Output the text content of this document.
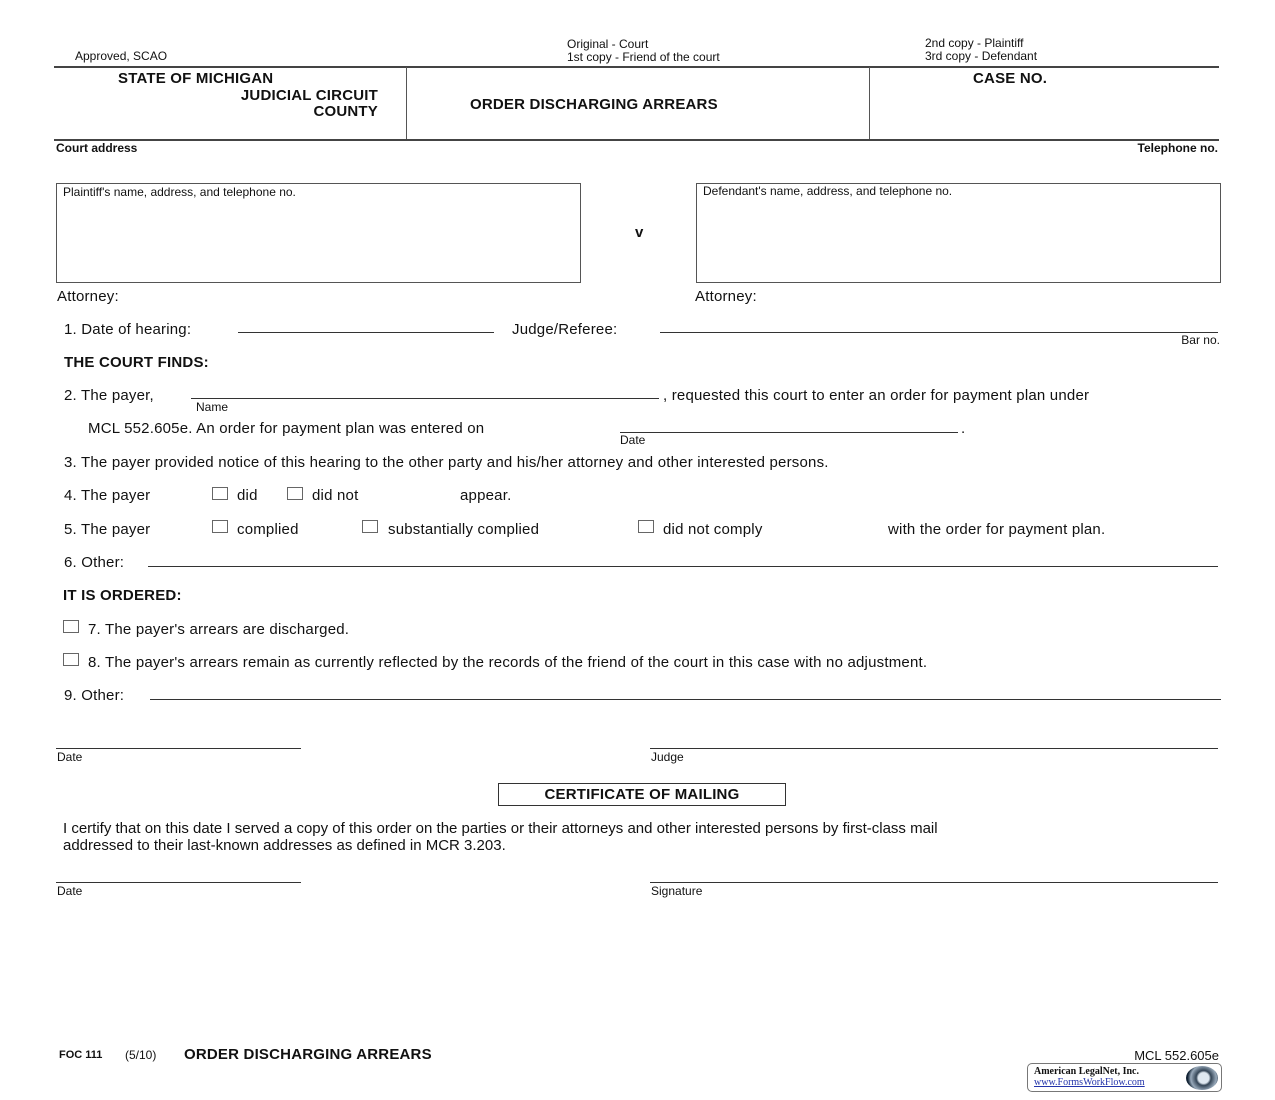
Approved, SCAO
Original - Court
1st copy - Friend of the court
2nd copy - Plaintiff
3rd copy - Defendant
STATE OF MICHIGAN
JUDICIAL CIRCUIT
COUNTY	ORDER DISCHARGING ARREARS
CASE NO.
Court address	Telephone no.
Plaintiff's name, address, and telephone no.
v
Defendant's name, address, and telephone no.
Attorney:	Attorney:
1. Date of hearing:	Judge/Referee:
Bar no.
THE COURT FINDS:
2. The payer,
Name
, requested this court to enter an order for payment plan under
MCL 552.605e. An order for payment plan was entered on
Date
.
3. The payer provided notice of this hearing to the other party and his/her attorney and other interested persons.
4. The payer	did	did not	appear.
5. The payer	complied	substantially complied	did not comply	with the order for payment plan.
6. Other:
IT IS ORDERED:
7. The payer's arrears are discharged.
8. The payer's arrears remain as currently reflected by the records of the friend of the court in this case with no adjustment.
9. Other:
Date	Judge
CERTIFICATE OF MAILING
I certify that on this date I served a copy of this order on the parties or their attorneys and other interested persons by first-class mail
addressed to their last-known addresses as defined in MCR 3.203.
Date	Signature
FOC 111 (5/10) ORDER DISCHARGING ARREARS	MCL 552.605e
American LegalNet, Inc.
www.FormsWorkFlow.com
